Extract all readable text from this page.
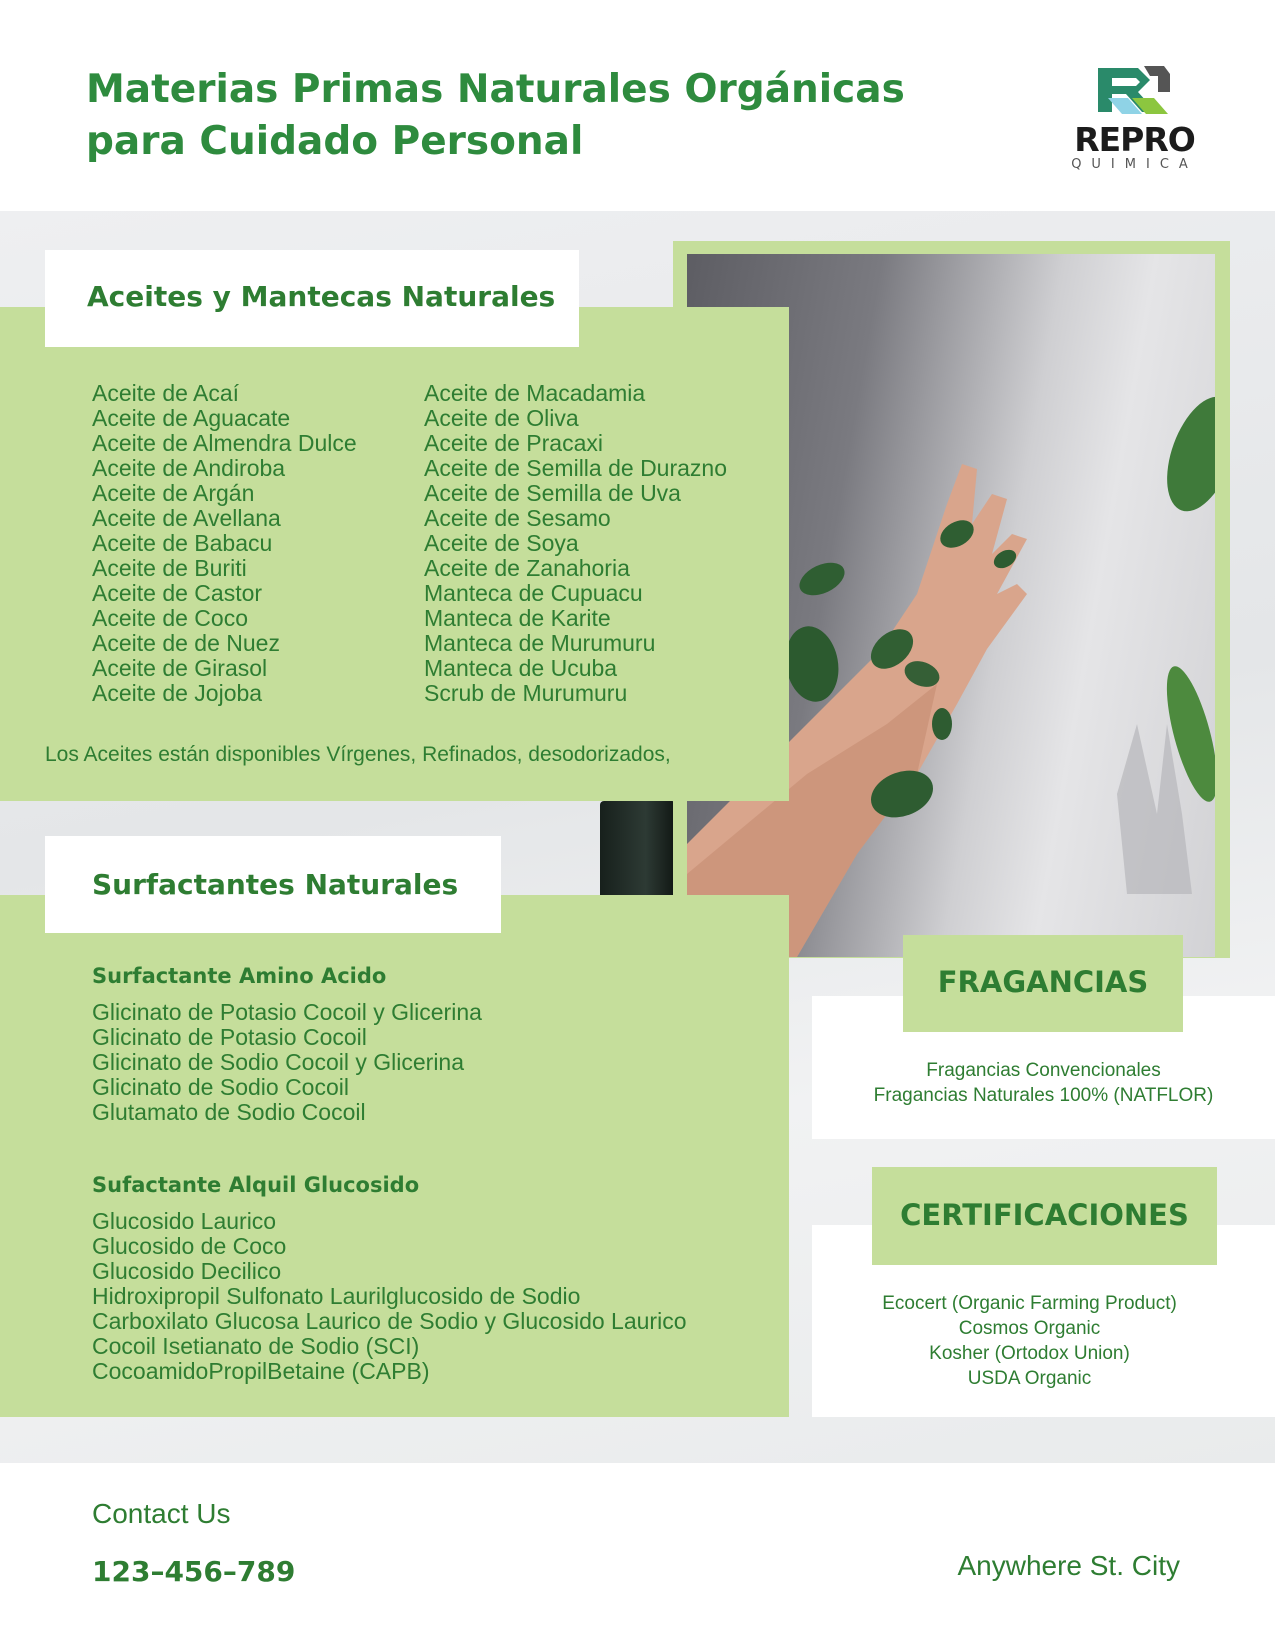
Materias Primas Naturales Orgánicas
para Cuidado Personal	REPRO
QUIMICA
Aceites y Mantecas Naturales
Aceite de Acaí
Aceite de Aguacate
Aceite de Almendra Dulce
Aceite de Andiroba
Aceite de Argán
Aceite de Avellana
Aceite de Babacu
Aceite de Buriti
Aceite de Castor
Aceite de Coco
Aceite de de Nuez
Aceite de Girasol
Aceite de Jojoba
Aceite de Macadamia
Aceite de Oliva
Aceite de Pracaxi
Aceite de Semilla de Durazno
Aceite de Semilla de Uva
Aceite de Sesamo
Aceite de Soya
Aceite de Zanahoria
Manteca de Cupuacu
Manteca de Karite
Manteca de Murumuru
Manteca de Ucuba
Scrub de Murumuru

Los Aceites están disponibles Vírgenes, Refinados, desodorizados,

Surfactantes Naturales
Surfactante Amino Acido
Glicinato de Potasio Cocoil y Glicerina
Glicinato de Potasio Cocoil
Glicinato de Sodio Cocoil y Glicerina
Glicinato de Sodio Cocoil
Glutamato de Sodio Cocoil
Sufactante Alquil Glucosido
Glucosido Laurico
Glucosido de Coco
Glucosido Decilico
Hidroxipropil Sulfonato Laurilglucosido de Sodio
Carboxilato Glucosa Laurico de Sodio y Glucosido Laurico
Cocoil Isetianato de Sodio (SCI)
CocoamidoPropilBetaine (CAPB)
Fragancias Convencionales
Fragancias Naturales 100% (NATFLOR)
FRAGANCIAS
Ecocert (Organic Farming Product)
Cosmos Organic
Kosher (Ortodox Union)
USDA Organic
CERTIFICACIONES
Contact Us
123–456–789	Anywhere St. City
